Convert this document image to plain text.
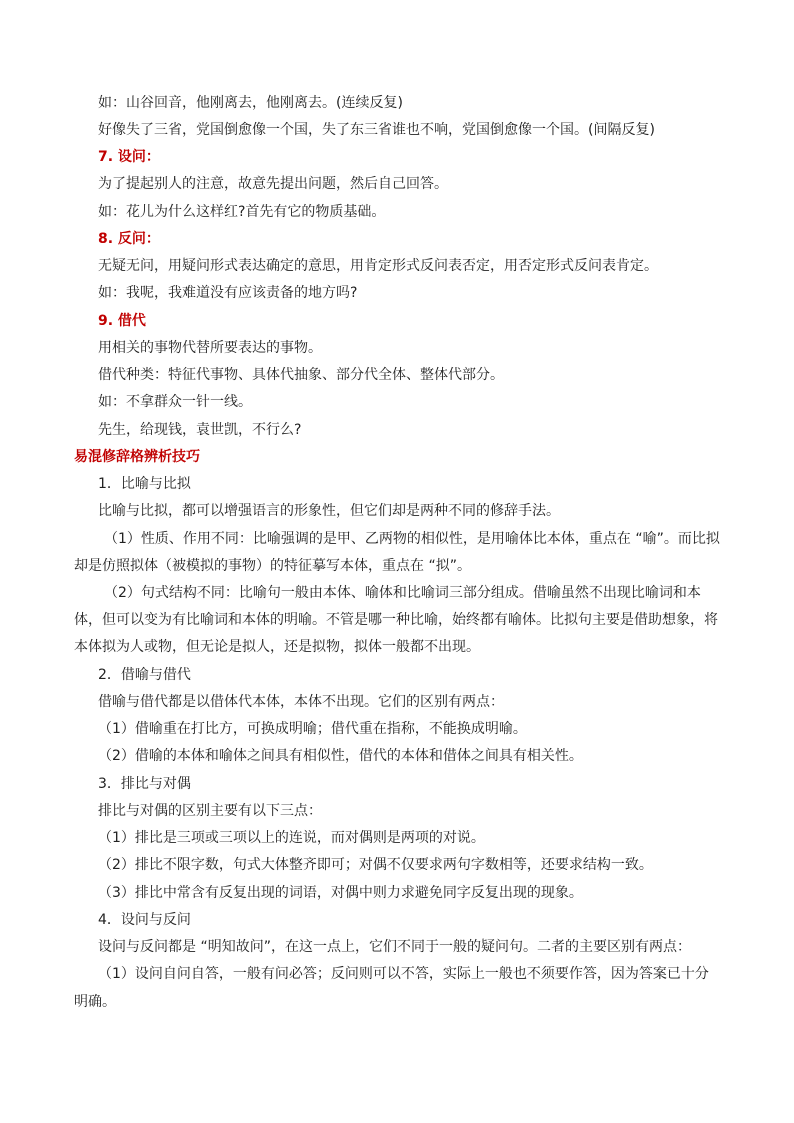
如：山谷回音，他刚离去，他刚离去。(连续反复)
好像失了三省，党国倒愈像一个国，失了东三省谁也不响，党国倒愈像一个国。(间隔反复)
7. 设问：
为了提起别人的注意，故意先提出问题，然后自己回答。
如：花儿为什么这样红?首先有它的物质基础。
8. 反问：
无疑无问，用疑问形式表达确定的意思，用肯定形式反问表否定，用否定形式反问表肯定。
如：我呢，我难道没有应该责备的地方吗?
9. 借代
用相关的事物代替所要表达的事物。
借代种类：特征代事物、具体代抽象、部分代全体、整体代部分。
如：不拿群众一针一线。
先生，给现钱，袁世凯，不行么?
易混修辞格辨析技巧
1．比喻与比拟
比喻与比拟，都可以增强语言的形象性，但它们却是两种不同的修辞手法。
（1）性质、作用不同：比喻强调的是甲、乙两物的相似性，是用喻体比本体，重点在 “喻”。而比拟
却是仿照拟体（被模拟的事物）的特征摹写本体，重点在 “拟”。
（2）句式结构不同：比喻句一般由本体、喻体和比喻词三部分组成。借喻虽然不出现比喻词和本
体，但可以变为有比喻词和本体的明喻。不管是哪一种比喻，始终都有喻体。比拟句主要是借助想象，将
本体拟为人或物，但无论是拟人，还是拟物，拟体一般都不出现。
2．借喻与借代
借喻与借代都是以借体代本体，本体不出现。它们的区别有两点：
（1）借喻重在打比方，可换成明喻；借代重在指称，不能换成明喻。
（2）借喻的本体和喻体之间具有相似性，借代的本体和借体之间具有相关性。
3．排比与对偶
排比与对偶的区别主要有以下三点：
（1）排比是三项或三项以上的连说，而对偶则是两项的对说。
（2）排比不限字数，句式大体整齐即可；对偶不仅要求两句字数相等，还要求结构一致。
（3）排比中常含有反复出现的词语，对偶中则力求避免同字反复出现的现象。
4．设问与反问
设问与反问都是 “明知故问”，在这一点上，它们不同于一般的疑问句。二者的主要区别有两点：
（1）设问自问自答，一般有问必答；反问则可以不答，实际上一般也不须要作答，因为答案已十分
明确。
